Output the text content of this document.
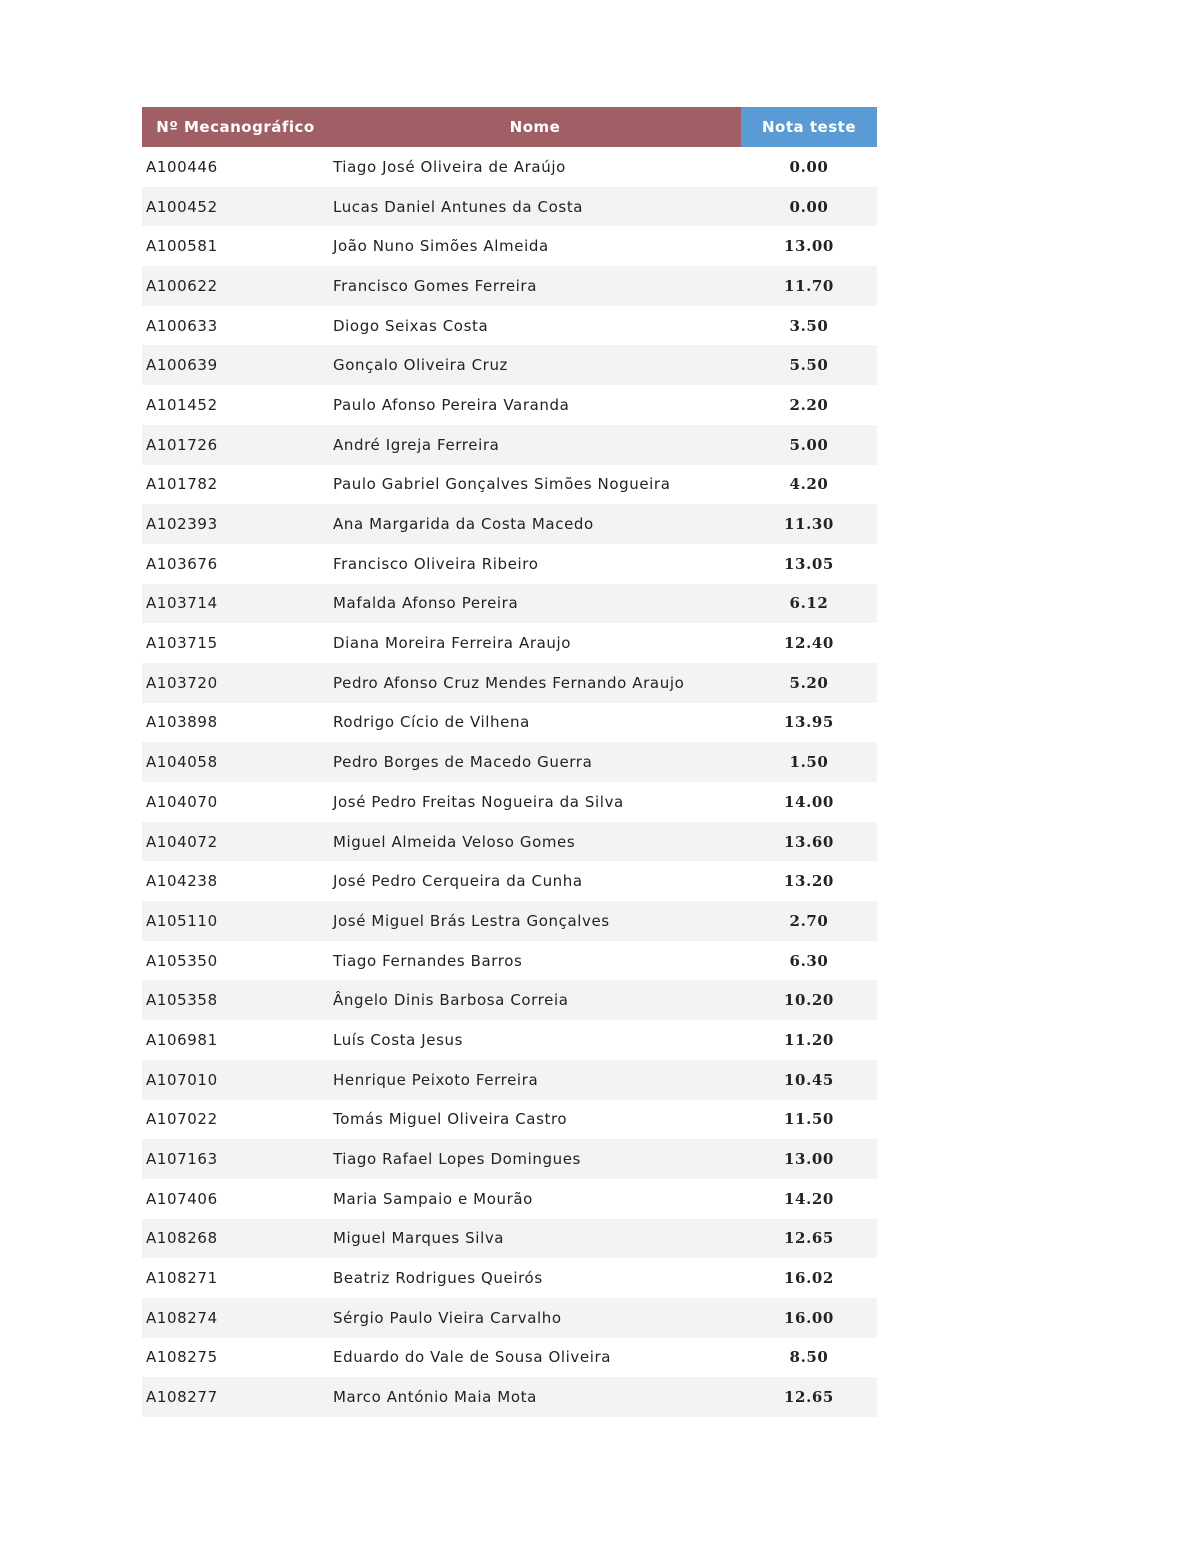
Nº Mecanográfico	Nome	Nota teste
A100446	Tiago José Oliveira de Araújo	0.00
A100452	Lucas Daniel Antunes da Costa	0.00
A100581	João Nuno Simões Almeida	13.00
A100622	Francisco Gomes Ferreira	11.70
A100633	Diogo Seixas Costa	3.50
A100639	Gonçalo Oliveira Cruz	5.50
A101452	Paulo Afonso Pereira Varanda	2.20
A101726	André Igreja Ferreira	5.00
A101782	Paulo Gabriel Gonçalves Simões Nogueira	4.20
A102393	Ana Margarida da Costa Macedo	11.30
A103676	Francisco Oliveira Ribeiro	13.05
A103714	Mafalda Afonso Pereira	6.12
A103715	Diana Moreira Ferreira Araujo	12.40
A103720	Pedro Afonso Cruz Mendes Fernando Araujo	5.20
A103898	Rodrigo Cício de Vilhena	13.95
A104058	Pedro Borges de Macedo Guerra	1.50
A104070	José Pedro Freitas Nogueira da Silva	14.00
A104072	Miguel Almeida Veloso Gomes	13.60
A104238	José Pedro Cerqueira da Cunha	13.20
A105110	José Miguel Brás Lestra Gonçalves	2.70
A105350	Tiago Fernandes Barros	6.30
A105358	Ângelo Dinis Barbosa Correia	10.20
A106981	Luís Costa Jesus	11.20
A107010	Henrique Peixoto Ferreira	10.45
A107022	Tomás Miguel Oliveira Castro	11.50
A107163	Tiago Rafael Lopes Domingues	13.00
A107406	Maria Sampaio e Mourão	14.20
A108268	Miguel Marques Silva	12.65
A108271	Beatriz Rodrigues Queirós	16.02
A108274	Sérgio Paulo Vieira Carvalho	16.00
A108275	Eduardo do Vale de Sousa Oliveira	8.50
A108277	Marco António Maia Mota	12.65
